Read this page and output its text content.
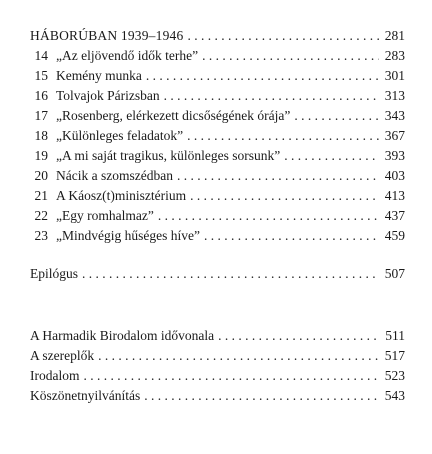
HÁBORÚBAN 1939–1946 . . .	281
14 „Az eljövendő idők terhe” . . .	283
15 Kemény munka . . .	301
16 Tolvajok Párizsban . . .	313
17 „Rosenberg, elérkezett dicsőségének órája” . . .	343
18 „Különleges feladatok” . . .	367
19 „A mi saját tragikus, különleges sorsunk” . . .	393
20 Nácik a szomszédban . . .	403
21 A Káosz(t)minisztérium . . .	413
22 „Egy romhalmaz” . . .	437
23 „Mindvégig hűséges híve” . . .	459
Epilógus . . .	507
A Harmadik Birodalom idővonala . . .	511
A szereplők . . .	517
Irodalom . . .	523
Köszönetnyilvánítás . . .	543
